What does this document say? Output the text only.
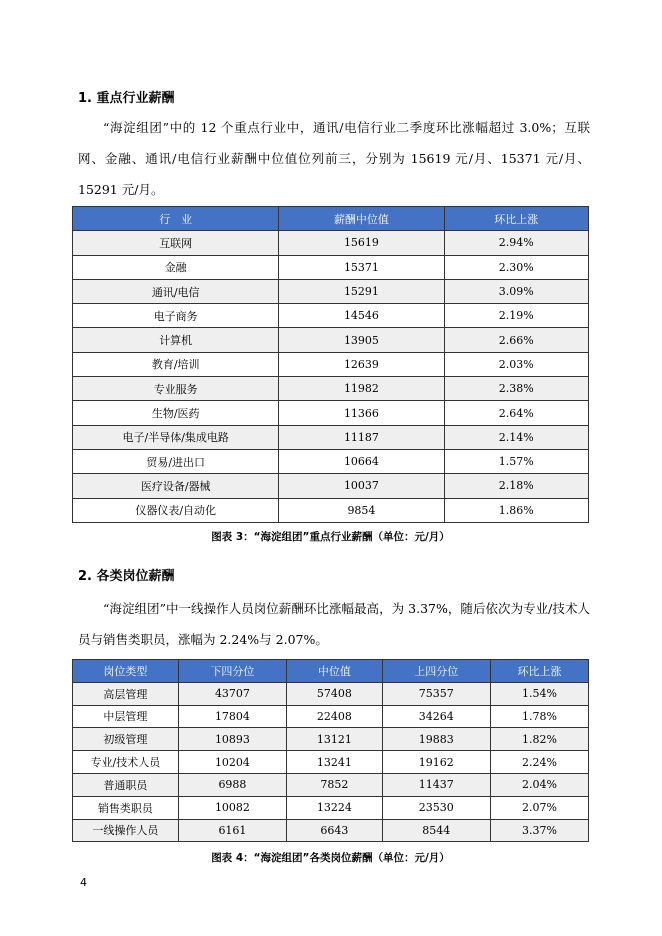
1. 重点行业薪酬
“海淀组团”中的 12 个重点行业中，通讯/电信行业二季度环比涨幅超过 3.0%；互联网、金融、通讯/电信行业薪酬中位值位列前三，分别为 15619 元/月、15371 元/月、15291 元/月。
行　业	薪酬中位值	环比上涨
互联网	15619	2.94%
金融	15371	2.30%
通讯/电信	15291	3.09%
电子商务	14546	2.19%
计算机	13905	2.66%
教育/培训	12639	2.03%
专业服务	11982	2.38%
生物/医药	11366	2.64%
电子/半导体/集成电路	11187	2.14%
贸易/进出口	10664	1.57%
医疗设备/器械	10037	2.18%
仪器仪表/自动化	9854	1.86%
图表 3：“海淀组团”重点行业薪酬（单位：元/月）
2. 各类岗位薪酬
“海淀组团”中一线操作人员岗位薪酬环比涨幅最高，为 3.37%，随后依次为专业/技术人员与销售类职员，涨幅为 2.24%与 2.07%。
岗位类型	下四分位	中位值	上四分位	环比上涨
高层管理	43707	57408	75357	1.54%
中层管理	17804	22408	34264	1.78%
初级管理	10893	13121	19883	1.82%
专业/技术人员	10204	13241	19162	2.24%
普通职员	6988	7852	11437	2.04%
销售类职员	10082	13224	23530	2.07%
一线操作人员	6161	6643	8544	3.37%
图表 4：“海淀组团”各类岗位薪酬（单位：元/月）
4
